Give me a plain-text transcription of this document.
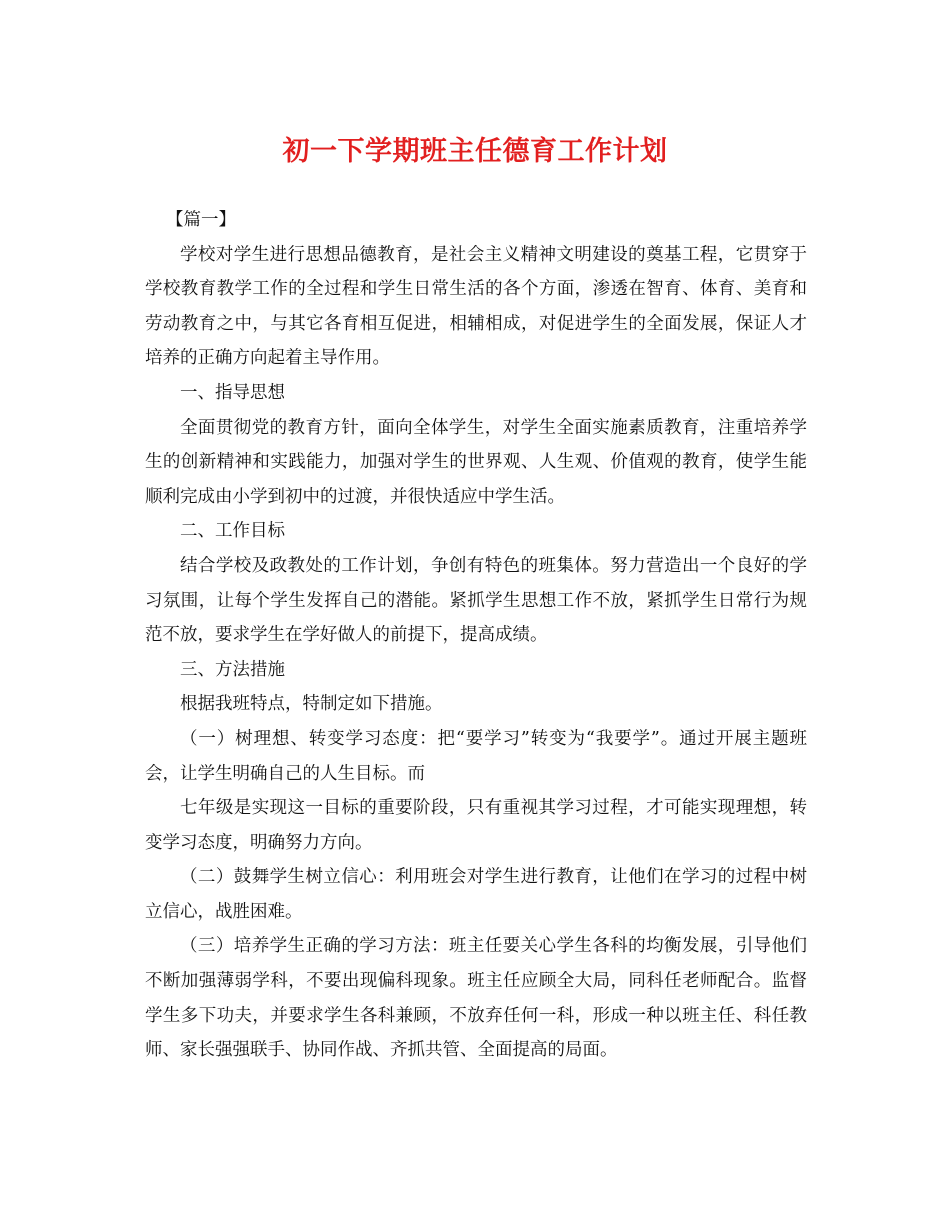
初一下学期班主任德育工作计划

【篇一】

学校对学生进行思想品德教育，是社会主义精神文明建设的奠基工程，它贯穿于学校教育教学工作的全过程和学生日常生活的各个方面，渗透在智育、体育、美育和劳动教育之中，与其它各育相互促进，相辅相成，对促进学生的全面发展，保证人才培养的正确方向起着主导作用。

一、指导思想

全面贯彻党的教育方针，面向全体学生，对学生全面实施素质教育，注重培养学生的创新精神和实践能力，加强对学生的世界观、人生观、价值观的教育，使学生能顺利完成由小学到初中的过渡，并很快适应中学生活。

二、工作目标

结合学校及政教处的工作计划，争创有特色的班集体。努力营造出一个良好的学习氛围，让每个学生发挥自己的潜能。紧抓学生思想工作不放，紧抓学生日常行为规范不放，要求学生在学好做人的前提下，提高成绩。

三、方法措施

根据我班特点，特制定如下措施。

（一）树理想、转变学习态度：把“要学习”转变为“我要学”。通过开展主题班会，让学生明确自己的人生目标。而

七年级是实现这一目标的重要阶段，只有重视其学习过程，才可能实现理想，转变学习态度，明确努力方向。

（二）鼓舞学生树立信心：利用班会对学生进行教育，让他们在学习的过程中树立信心，战胜困难。

（三）培养学生正确的学习方法：班主任要关心学生各科的均衡发展，引导他们不断加强薄弱学科，不要出现偏科现象。班主任应顾全大局，同科任老师配合。监督学生多下功夫，并要求学生各科兼顾，不放弃任何一科，形成一种以班主任、科任教师、家长强强联手、协同作战、齐抓共管、全面提高的局面。
